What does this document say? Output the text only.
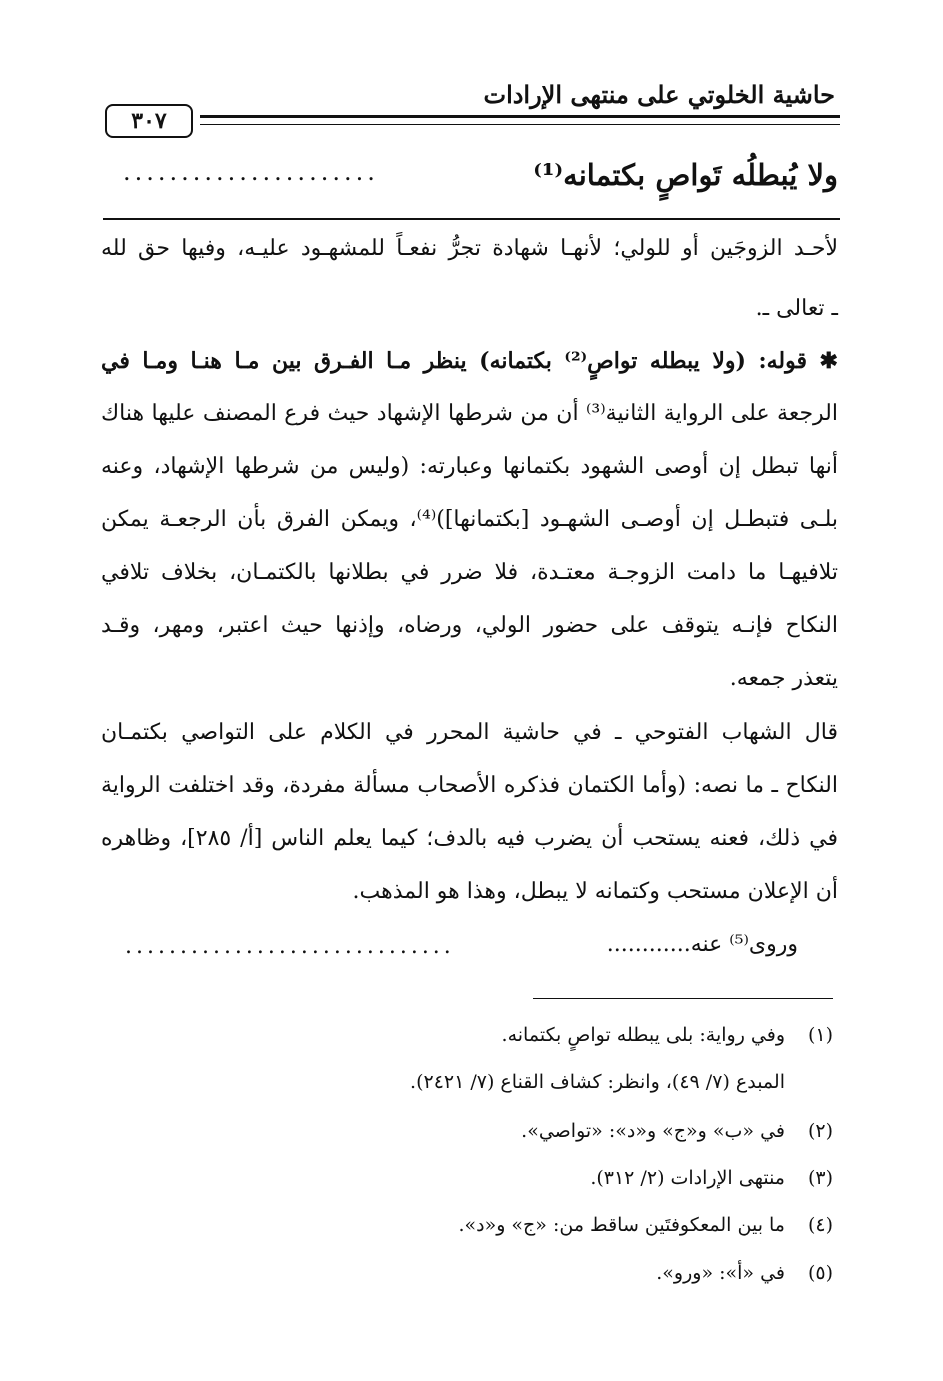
حاشية الخلوتي على منتهى الإرادات
٣٠٧
ولا يُبطلُه تَواصٍ بكتمانه⁽¹⁾
......................
لأحـد الزوجَين أو للولي؛ لأنهـا شهادة تجرُّ نفعـاً للمشهـود عليـه، وفيها حق لله
ـ تعالى ـ.
✱ قوله: (ولا يبطله تواصٍ⁽²⁾ بكتمانه) ينظر مـا الفـرق بين مـا هنـا ومـا في
الرجعة على الرواية الثانية⁽³⁾ أن من شرطها الإشهاد حيث فرع المصنف عليها هناك
أنها تبطل إن أوصى الشهود بكتمانها وعبارته: (وليس من شرطها الإشهاد، وعنه
بلـى فتبطـل إن أوصـى الشهـود [بكتمانها])⁽⁴⁾، ويمكن الفرق بأن الرجعـة يمكن
تلافيهـا ما دامت الزوجـة معتـدة، فلا ضرر في بطلانها بالكتمـان، بخلاف تلافي
النكاح فإنـه يتوقف على حضور الولي، ورضاه، وإذنها حيث اعتبر، ومهر، وقـد
يتعذر جمعه.
قال الشهاب الفتوحي ـ في حاشية المحرر في الكلام على التواصي بكتمـان
النكاح ـ ما نصه: (وأما الكتمان فذكره الأصحاب مسألة مفردة، وقد اختلفت الرواية
في ذلك، فعنه يستحب أن يضرب فيه بالدف؛ كيما يعلم الناس [أ/ ٢٨٥]، وظاهره
أن الإعلان مستحب وكتمانه لا يبطل، وهذا هو المذهب.
وروى⁽⁵⁾ عنه............
..............................
(١)وفي رواية: بلى يبطله تواصٍ بكتمانه.
المبدع (٧/ ٤٩)، وانظر: كشاف القناع (٧/ ٢٤٢١).
(٢)في «ب» و«ج» و«د»: «تواصي».
(٣)منتهى الإرادات (٢/ ٣١٢).
(٤)ما بين المعكوفتَين ساقط من: «ج» و«د».
(٥)في «أ»: «ورو».
